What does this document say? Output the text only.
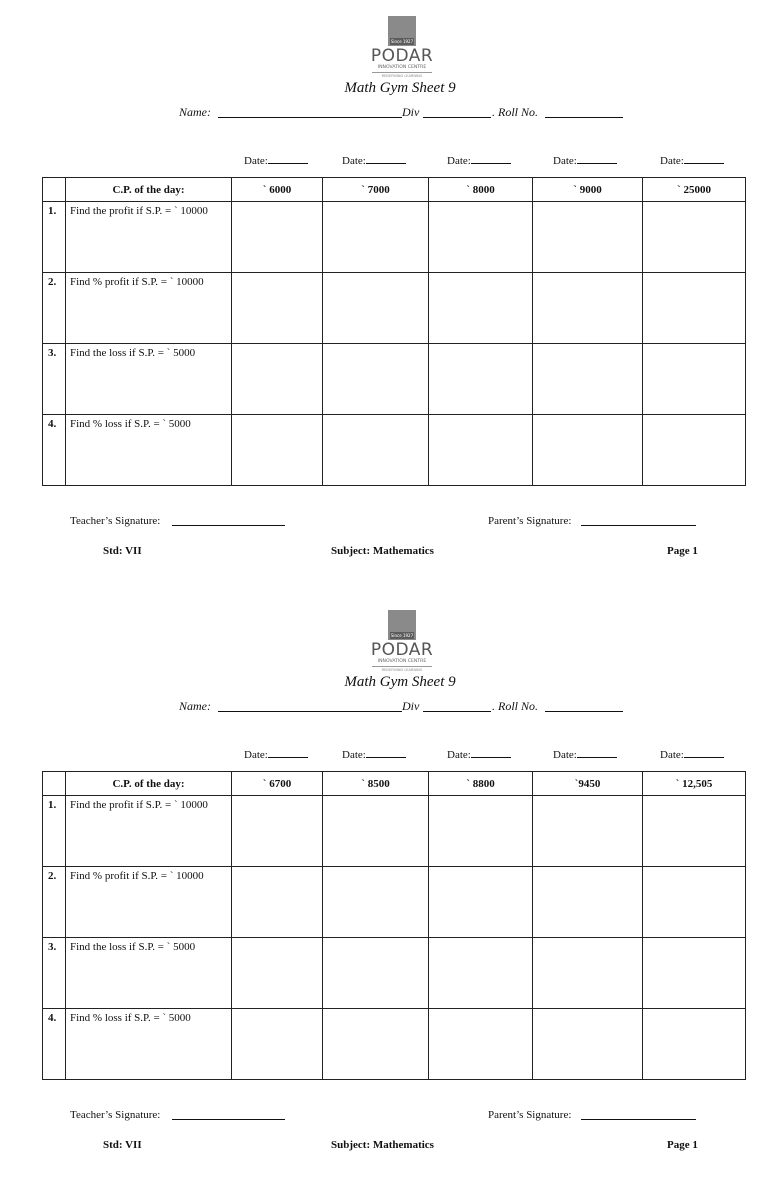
Since 1927
PODAR
INNOVATION CENTRE
REDEFINING LEARNING
Math Gym Sheet 9
Name:	Div	. Roll No.
Date:	Date:	Date:	Date:	Date:
	C.P. of the day:	` 6000	` 7000	` 8000	` 9000	` 25000
1.	Find the profit if S.P. = ` 10000					
2.	Find % profit if S.P. = ` 10000					
3.	Find the loss if S.P. = ` 5000					
4.	Find % loss if S.P. = ` 5000					
Teacher’s Signature:	Parent’s Signature:
Std: VII	Subject: Mathematics	Page 1
Since 1927
PODAR
INNOVATION CENTRE
REDEFINING LEARNING
Math Gym Sheet 9
Name:	Div	. Roll No.
Date:	Date:	Date:	Date:	Date:
	C.P. of the day:	` 6700	` 8500	` 8800	`9450	` 12,505
1.	Find the profit if S.P. = ` 10000					
2.	Find % profit if S.P. = ` 10000					
3.	Find the loss if S.P. = ` 5000					
4.	Find % loss if S.P. = ` 5000					
Teacher’s Signature:	Parent’s Signature:
Std: VII	Subject: Mathematics	Page 1
